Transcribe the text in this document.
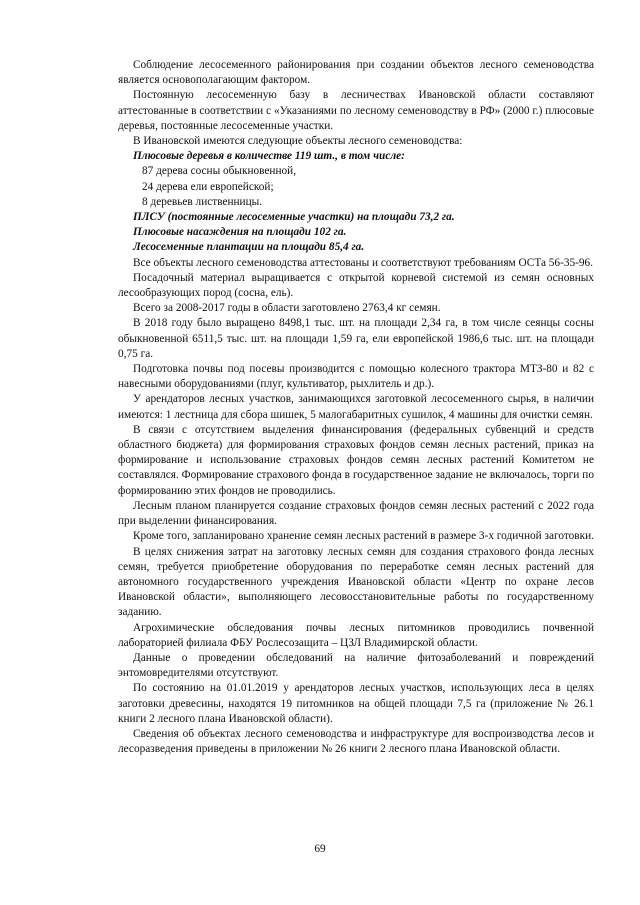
Соблюдение лесосеменного районирования при создании объектов лесного семеноводства является основополагающим фактором.

Постоянную лесосеменную базу в лесничествах Ивановской области составляют аттестованные в соответствии с «Указаниями по лесному семеноводству в РФ» (2000 г.) плюсовые деревья, постоянные лесосеменные участки.

В Ивановской имеются следующие объекты лесного семеноводства:

Плюсовые деревья в количестве 119 шт., в том числе:

87 дерева сосны обыкновенной,

24 дерева ели европейской;

8 деревьев лиственницы.

ПЛСУ (постоянные лесосеменные участки) на площади 73,2 га.

Плюсовые насаждения на площади 102 га.

Лесосеменные плантации на площади 85,4 га.

Все объекты лесного семеноводства аттестованы и соответствуют требованиям ОСТа 56-35-96.

Посадочный материал выращивается с открытой корневой системой из семян основных лесообразующих пород (сосна, ель).

Всего за 2008-2017 годы в области заготовлено 2763,4 кг семян.

В 2018 году было выращено 8498,1 тыс. шт. на площади 2,34 га, в том числе сеянцы сосны обыкновенной 6511,5 тыс. шт. на площади 1,59 га, ели европейской 1986,6 тыс. шт. на площади 0,75 га.

Подготовка почвы под посевы производится с помощью колесного трактора МТЗ-80 и 82 с навесными оборудованиями (плуг, культиватор, рыхлитель и др.).

У арендаторов лесных участков, занимающихся заготовкой лесосеменного сырья, в наличии имеются: 1 лестница для сбора шишек, 5 малогабаритных сушилок, 4 машины для очистки семян.

В связи с отсутствием выделения финансирования (федеральных субвенций и средств областного бюджета) для формирования страховых фондов семян лесных растений, приказ на формирование и использование страховых фондов семян лесных растений Комитетом не составлялся. Формирование страхового фонда в государственное задание не включалось, торги по формированию этих фондов не проводились.

Лесным планом планируется создание страховых фондов семян лесных растений с 2022 года при выделении финансирования.

Кроме того, запланировано хранение семян лесных растений в размере 3-х годичной заготовки.

В целях снижения затрат на заготовку лесных семян для создания страхового фонда лесных семян, требуется приобретение оборудования по переработке семян лесных растений для автономного государственного учреждения Ивановской области «Центр по охране лесов Ивановской области», выполняющего лесовосстановительные работы по государственному заданию.

Агрохимические обследования почвы лесных питомников проводились почвенной лабораторией филиала ФБУ Рослесозащита – ЦЗЛ Владимирской области.

Данные о проведении обследований на наличие фитозаболеваний и повреждений энтомовредителями отсутствуют.

По состоянию на 01.01.2019 у арендаторов лесных участков, использующих леса в целях заготовки древесины, находятся 19 питомников на общей площади 7,5 га (приложение № 26.1 книги 2 лесного плана Ивановской области).

Сведения об объектах лесного семеноводства и инфраструктуре для воспроизводства лесов и лесоразведения приведены в приложении № 26 книги 2 лесного плана Ивановской области.

69
